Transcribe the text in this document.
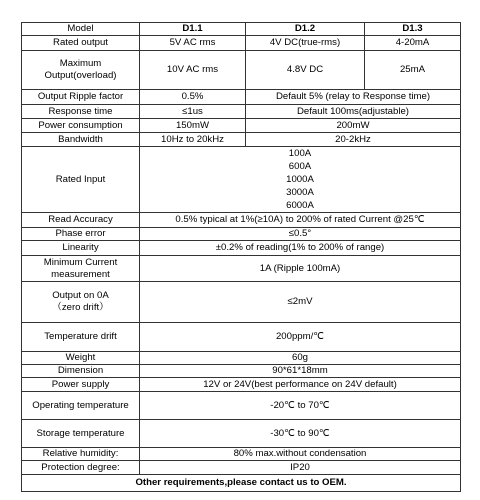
Model	D1.1	D1.2	D1.3
Rated output	5V AC rms	4V DC(true-rms)	4-20mA
Maximum Output(overload)	10V AC rms	4.8V DC	25mA
Output Ripple factor	0.5%	Default 5% (relay to Response time)	
Response time	≤1us	Default 100ms(adjustable)	
Power consumption	150mW	200mW	
Bandwidth	10Hz to 20kHz	20-2kHz	
Rated Input	100A
600A
1000A
3000A
6000A		

Read Accuracy	0.5% typical at 1%(≥10A) to 200% of rated Current @25℃		
Phase error	≤0.5°		
Linearity	±0.2% of reading(1% to 200% of range)		
Minimum Current measurement	1A (Ripple 100mA)		
Output on 0A
（zero drift）	≤2mV		
Temperature drift	200ppm/℃		
Weight	60g		
Dimension	90*61*18mm		
Power supply	12V or 24V(best performance on 24V default)		
Operating temperature	-20℃ to 70℃		
Storage temperature	-30℃ to 90℃		
Relative humidity:	80% max.without condensation		
Protection degree:	IP20		
Other requirements,please contact us to OEM.			
